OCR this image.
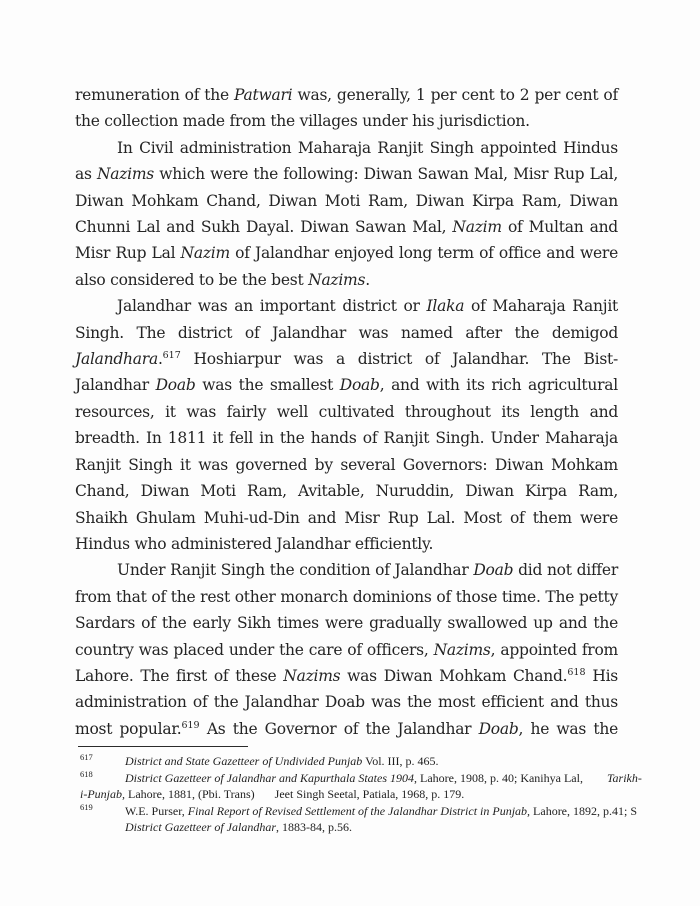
remuneration of the Patwari was, generally, 1 per cent to 2 per cent of the collection made from the villages under his jurisdiction.

In Civil administration Maharaja Ranjit Singh appointed Hindus as Nazims which were the following: Diwan Sawan Mal, Misr Rup Lal, Diwan Mohkam Chand, Diwan Moti Ram, Diwan Kirpa Ram, Diwan Chunni Lal and Sukh Dayal. Diwan Sawan Mal, Nazim of Multan and Misr Rup Lal Nazim of Jalandhar enjoyed long term of office and were also considered to be the best Nazims.

Jalandhar was an important district or Ilaka of Maharaja Ranjit Singh. The district of Jalandhar was named after the demigod Jalandhara.$^{617}$ Hoshiarpur was a district of Jalandhar. The Bist-Jalandhar Doab was the smallest Doab, and with its rich agricultural resources, it was fairly well cultivated throughout its length and breadth. In 1811 it fell in the hands of Ranjit Singh. Under Maharaja Ranjit Singh it was governed by several Governors: Diwan Mohkam Chand, Diwan Moti Ram, Avitable, Nuruddin, Diwan Kirpa Ram, Shaikh Ghulam Muhi-ud-Din and Misr Rup Lal. Most of them were Hindus who administered Jalandhar efficiently.

Under Ranjit Singh the condition of Jalandhar Doab did not differ from that of the rest other monarch dominions of those time. The petty Sardars of the early Sikh times were gradually swallowed up and the country was placed under the care of officers, Nazims, appointed from Lahore. The first of these Nazims was Diwan Mohkam Chand.$^{618}$ His administration of the Jalandhar Doab was the most efficient and thus most popular.$^{619}$ As the Governor of the Jalandhar Doab, he was the

617	District and State Gazetteer of Undivided Punjab Vol. III, p. 465.
618	District Gazetteer of Jalandhar and Kapurthala States 1904, Lahore, 1908, p. 40; Kanihya Lal, Tarikh-
i-Punjab, Lahore, 1881, (Pbi. Trans) Jeet Singh Seetal, Patiala, 1968, p. 179.
619	W.E. Purser, Final Report of Revised Settlement of the Jalandhar District in Punjab, Lahore, 1892, p.41; S
District Gazetteer of Jalandhar, 1883-84, p.56.
